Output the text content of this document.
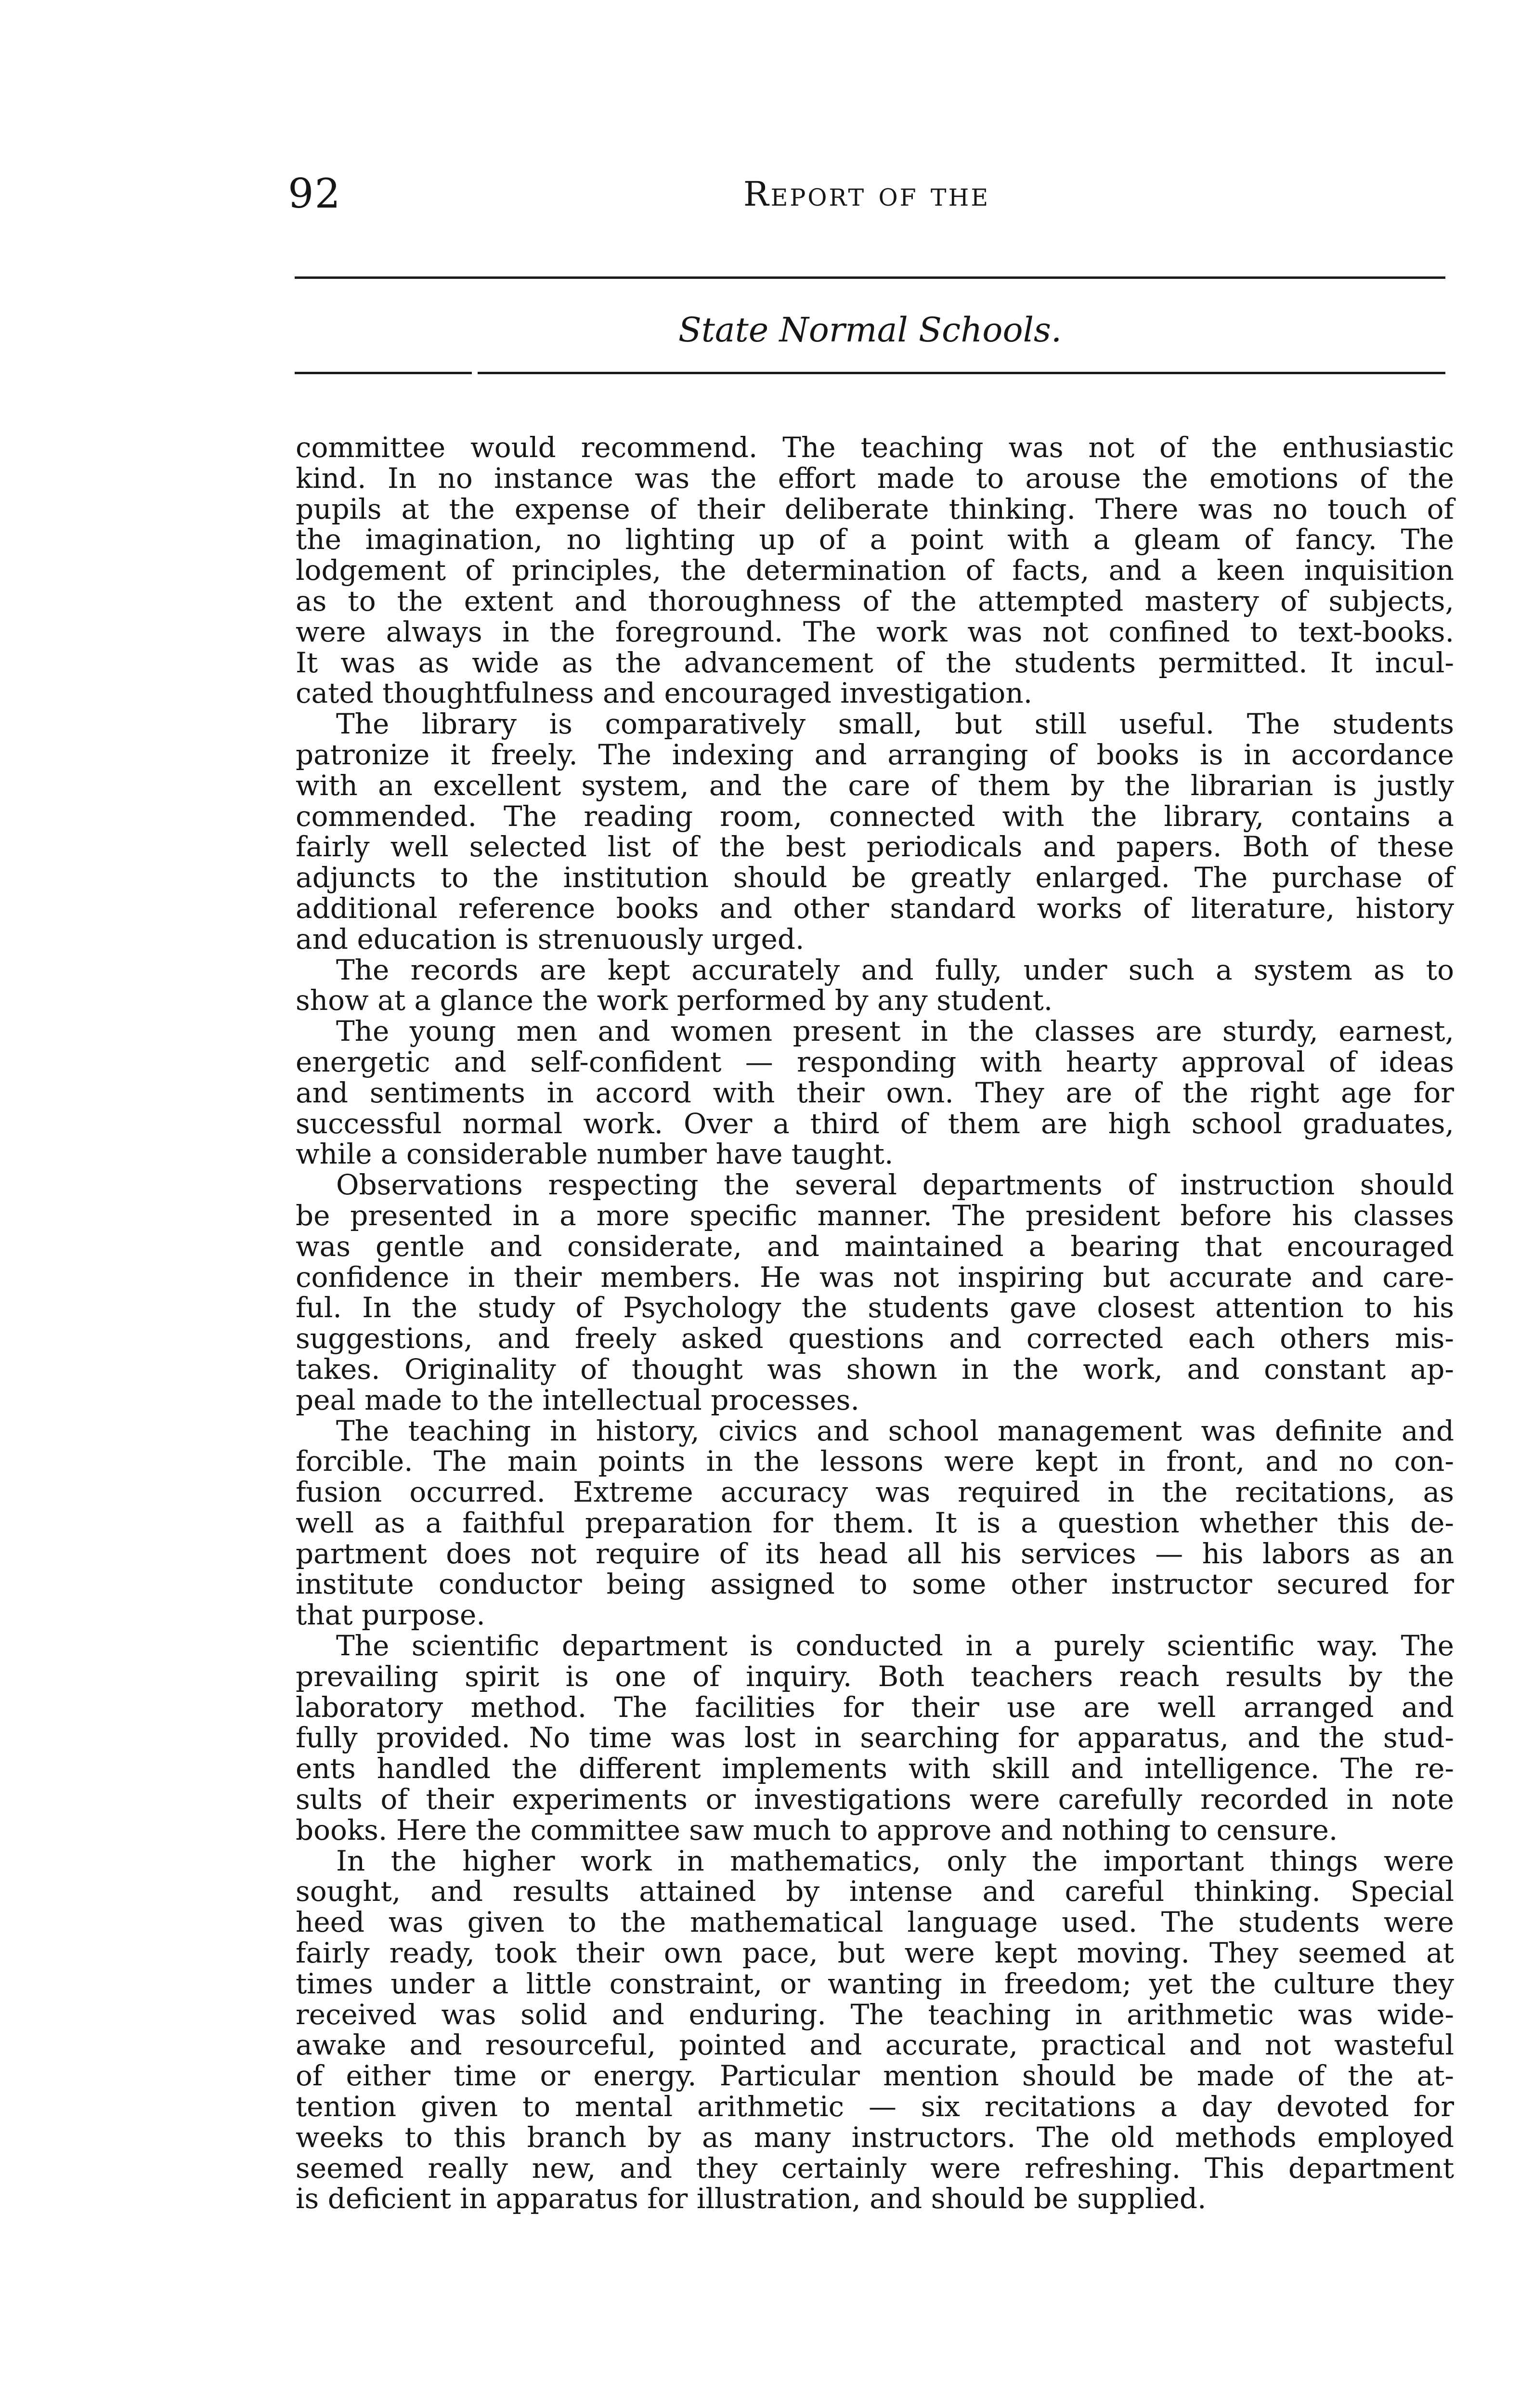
92	Report of the
State Normal Schools.
committee would recommend. The teaching was not of the enthusiastic
kind. In no instance was the effort made to arouse the emotions of the
pupils at the expense of their deliberate thinking. There was no touch of
the imagination, no lighting up of a point with a gleam of fancy. The
lodgement of principles, the determination of facts, and a keen inquisition
as to the extent and thoroughness of the attempted mastery of subjects,
were always in the foreground. The work was not confined to text-books.
It was as wide as the advancement of the students permitted. It incul-
cated thoughtfulness and encouraged investigation.
The library is comparatively small, but still useful. The students
patronize it freely. The indexing and arranging of books is in accordance
with an excellent system, and the care of them by the librarian is justly
commended. The reading room, connected with the library, contains a
fairly well selected list of the best periodicals and papers. Both of these
adjuncts to the institution should be greatly enlarged. The purchase of
additional reference books and other standard works of literature, history
and education is strenuously urged.
The records are kept accurately and fully, under such a system as to
show at a glance the work performed by any student.
The young men and women present in the classes are sturdy, earnest,
energetic and self-confident — responding with hearty approval of ideas
and sentiments in accord with their own. They are of the right age for
successful normal work. Over a third of them are high school graduates,
while a considerable number have taught.
Observations respecting the several departments of instruction should
be presented in a more specific manner. The president before his classes
was gentle and considerate, and maintained a bearing that encouraged
confidence in their members. He was not inspiring but accurate and care-
ful. In the study of Psychology the students gave closest attention to his
suggestions, and freely asked questions and corrected each others mis-
takes. Originality of thought was shown in the work, and constant ap-
peal made to the intellectual processes.
The teaching in history, civics and school management was definite and
forcible. The main points in the lessons were kept in front, and no con-
fusion occurred. Extreme accuracy was required in the recitations, as
well as a faithful preparation for them. It is a question whether this de-
partment does not require of its head all his services — his labors as an
institute conductor being assigned to some other instructor secured for
that purpose.
The scientific department is conducted in a purely scientific way. The
prevailing spirit is one of inquiry. Both teachers reach results by the
laboratory method. The facilities for their use are well arranged and
fully provided. No time was lost in searching for apparatus, and the stud-
ents handled the different implements with skill and intelligence. The re-
sults of their experiments or investigations were carefully recorded in note
books. Here the committee saw much to approve and nothing to censure.
In the higher work in mathematics, only the important things were
sought, and results attained by intense and careful thinking. Special
heed was given to the mathematical language used. The students were
fairly ready, took their own pace, but were kept moving. They seemed at
times under a little constraint, or wanting in freedom; yet the culture they
received was solid and enduring. The teaching in arithmetic was wide-
awake and resourceful, pointed and accurate, practical and not wasteful
of either time or energy. Particular mention should be made of the at-
tention given to mental arithmetic — six recitations a day devoted for
weeks to this branch by as many instructors. The old methods employed
seemed really new, and they certainly were refreshing. This department
is deficient in apparatus for illustration, and should be supplied.
